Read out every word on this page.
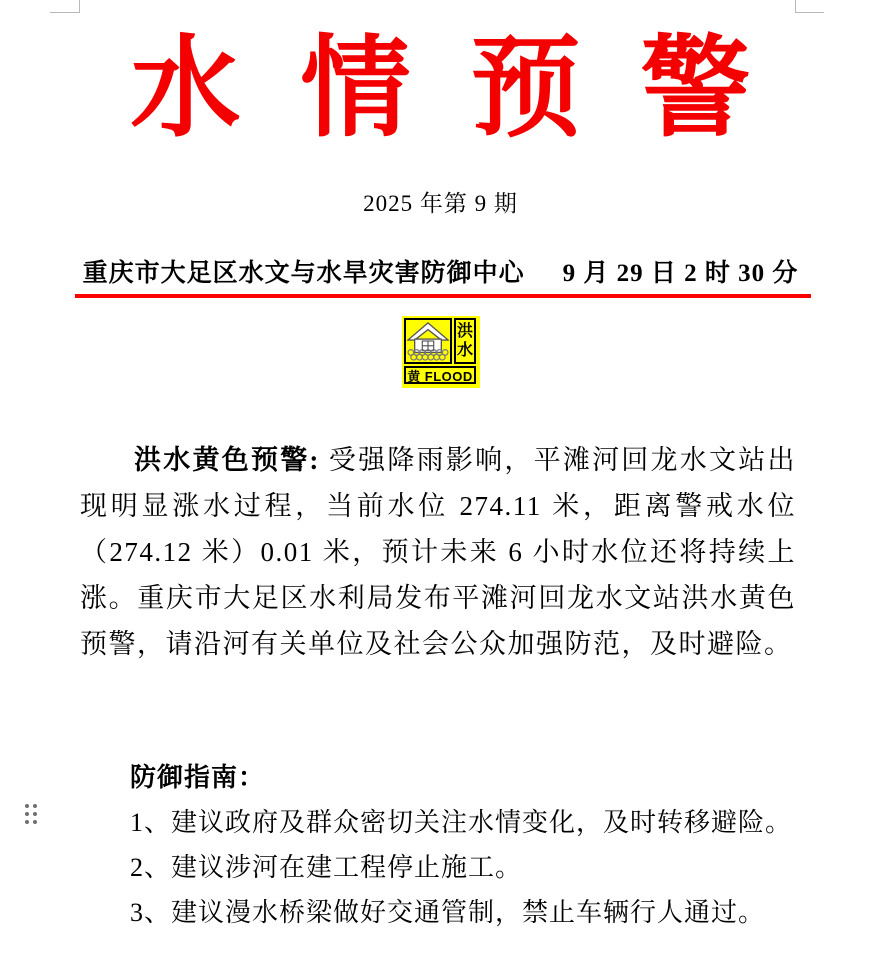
水情预警
2025 年第 9 期
重庆市大足区水文与水旱灾害防御中心 9 月 29 日 2 时 30 分
洪
水
黄 FLOOD

洪水黄色预警: 受强降雨影响，平滩河回龙水文站出现明显涨水过程，当前水位 274.11 米，距离警戒水位（274.12 米）0.01 米，预计未来 6 小时水位还将持续上涨。重庆市大足区水利局发布平滩河回龙水文站洪水黄色预警，请沿河有关单位及社会公众加强防范，及时避险。

防御指南：
1、建议政府及群众密切关注水情变化，及时转移避险。
2、建议涉河在建工程停止施工。
3、建议漫水桥梁做好交通管制，禁止车辆行人通过。
